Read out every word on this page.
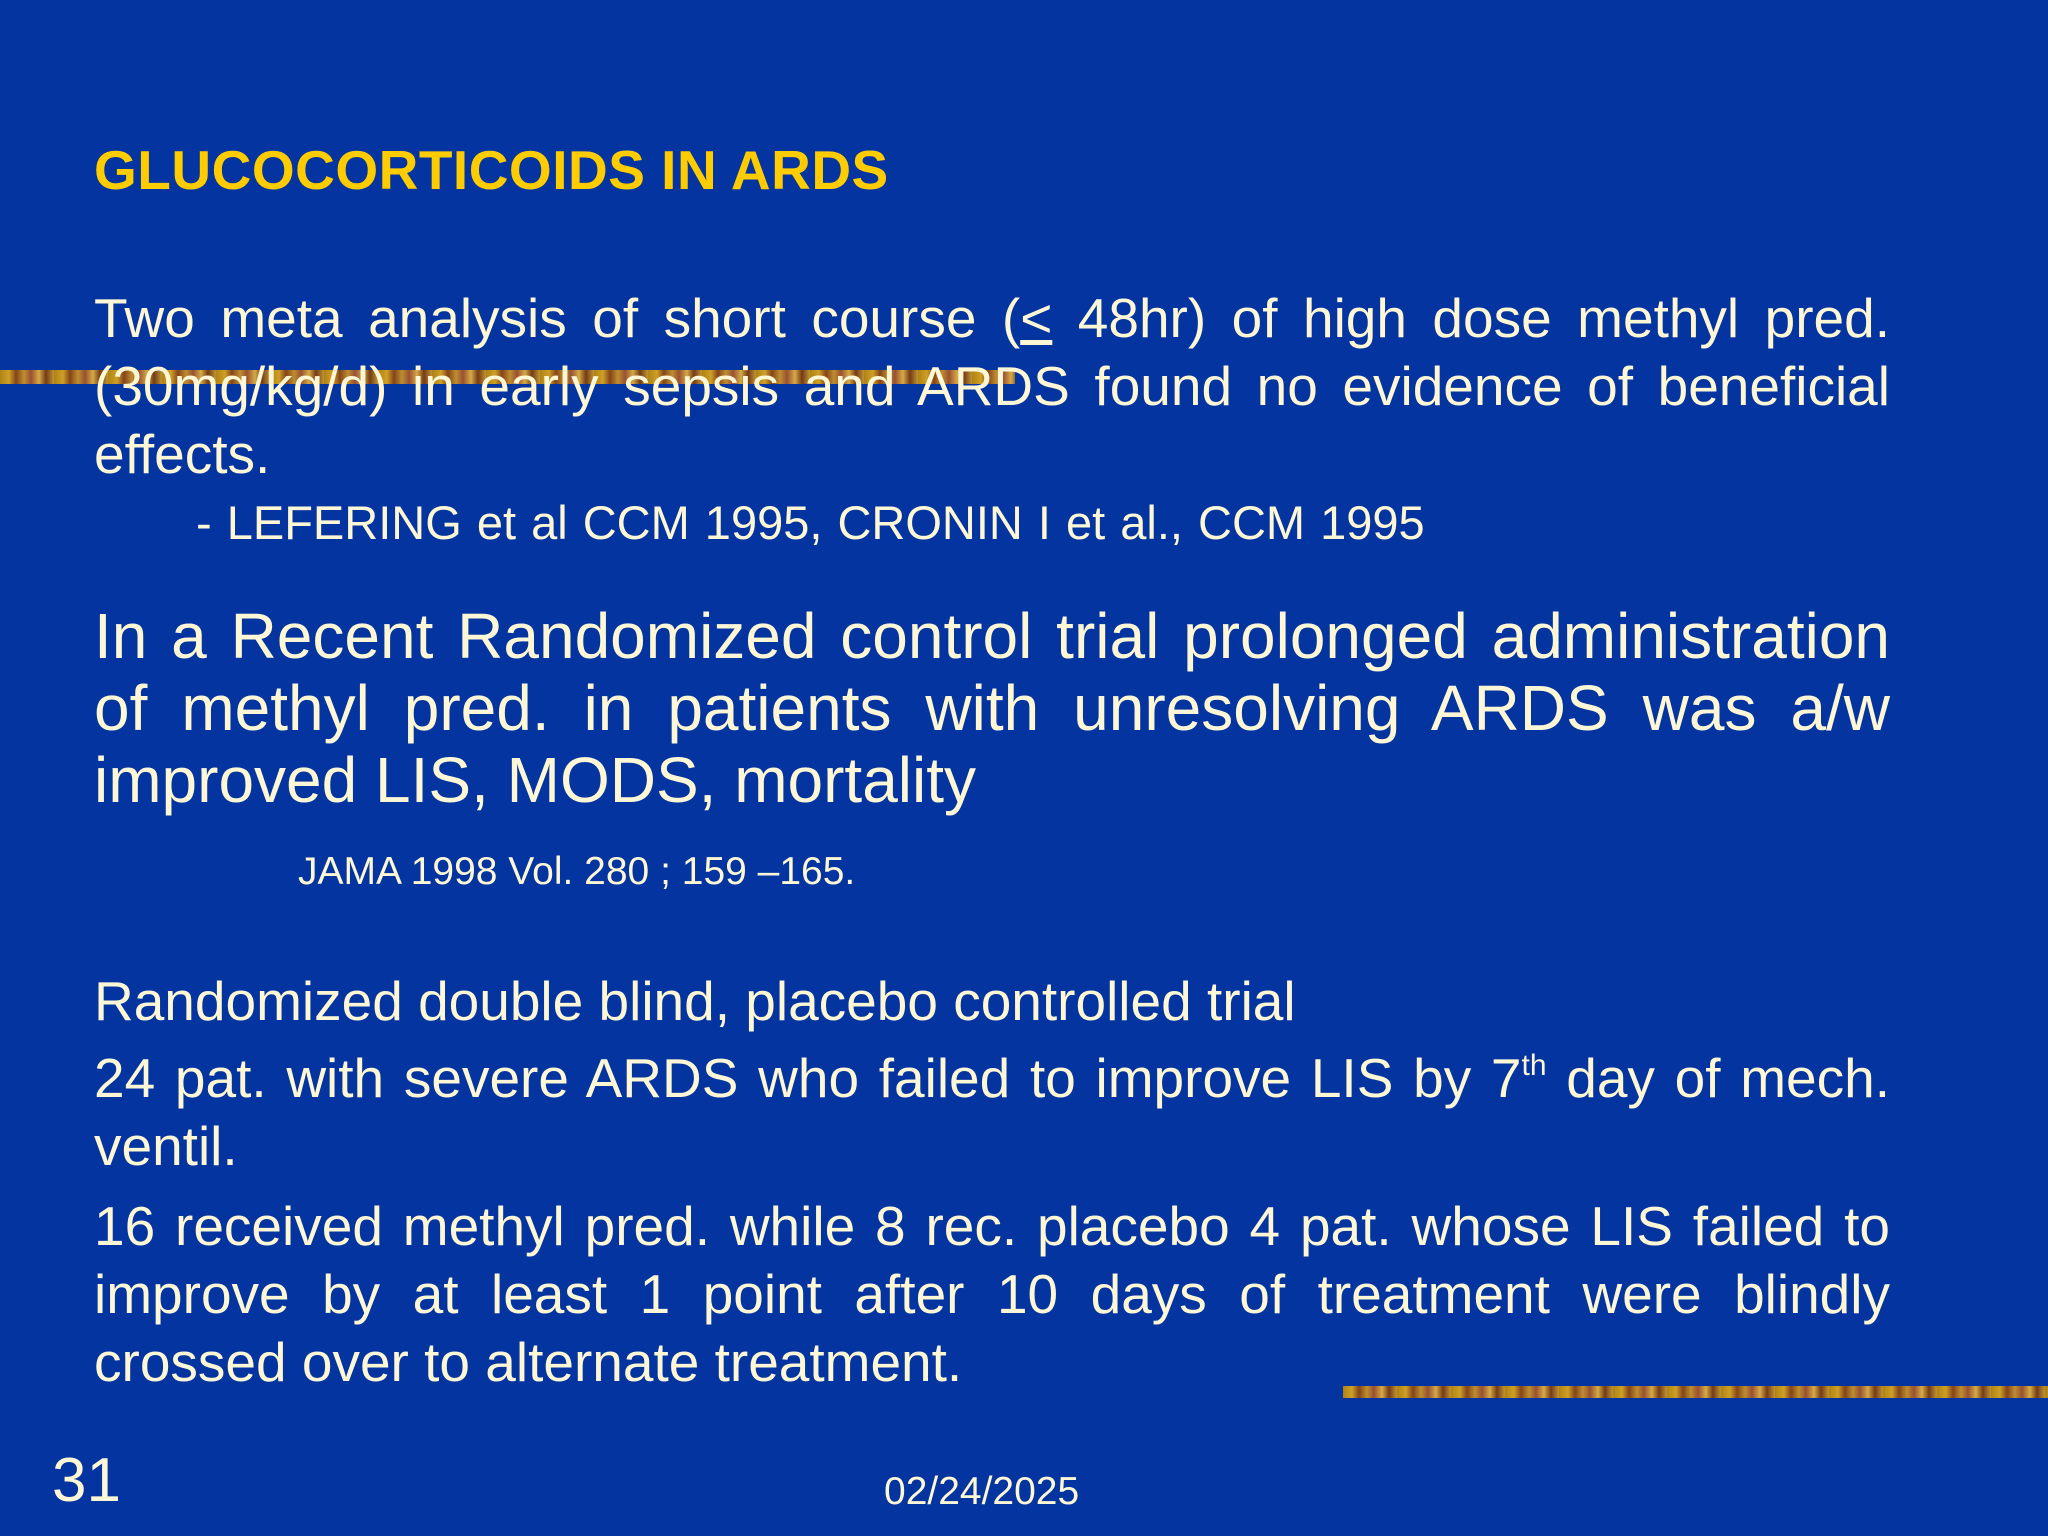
GLUCOCORTICOIDS IN ARDS
Two meta analysis of short course (≤ 48hr) of high dose methyl pred. (30mg/kg/d) in early sepsis and ARDS found no evidence of beneficial effects.
- LEFERING et al CCM 1995, CRONIN I et al., CCM 1995
In a Recent Randomized control trial prolonged administration of methyl pred. in patients with unresolving ARDS was a/w improved LIS, MODS, mortality
JAMA 1998 Vol. 280 ; 159 –165.
Randomized double blind, placebo controlled trial
24 pat. with severe ARDS who failed to improve LIS by 7th day of mech. ventil.
16 received methyl pred. while 8 rec. placebo 4 pat. whose LIS failed to improve by at least 1 point after 10 days of treatment were blindly crossed over to alternate treatment.
31	02/24/2025
